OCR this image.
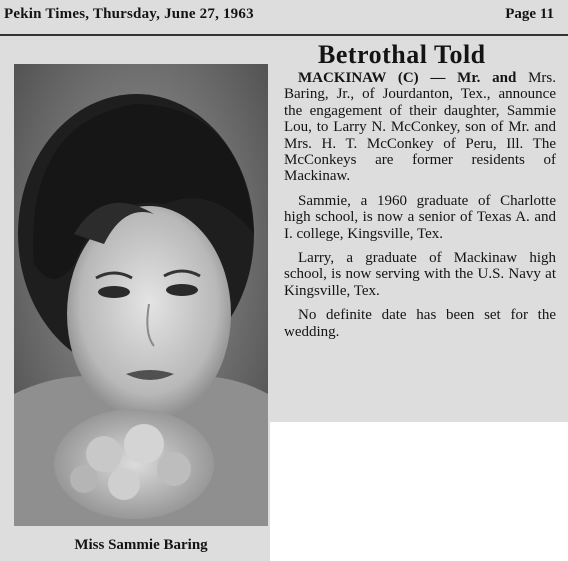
Pekin Times, Thursday, June 27, 1963	Page 11
Miss Sammie Baring
Betrothal Told

MACKINAW (C) — Mr. and Mrs. Baring, Jr., of Jourdanton, Tex., announce the engagement of their daughter, Sammie Lou, to Larry N. McConkey, son of Mr. and Mrs. H. T. McConkey of Peru, Ill. The McConkeys are former residents of Mackinaw.

Sammie, a 1960 graduate of Charlotte high school, is now a senior of Texas A. and I. college, Kingsville, Tex.

Larry, a graduate of Mackinaw high school, is now serving with the U.S. Navy at Kingsville, Tex.

No definite date has been set for the wedding.
